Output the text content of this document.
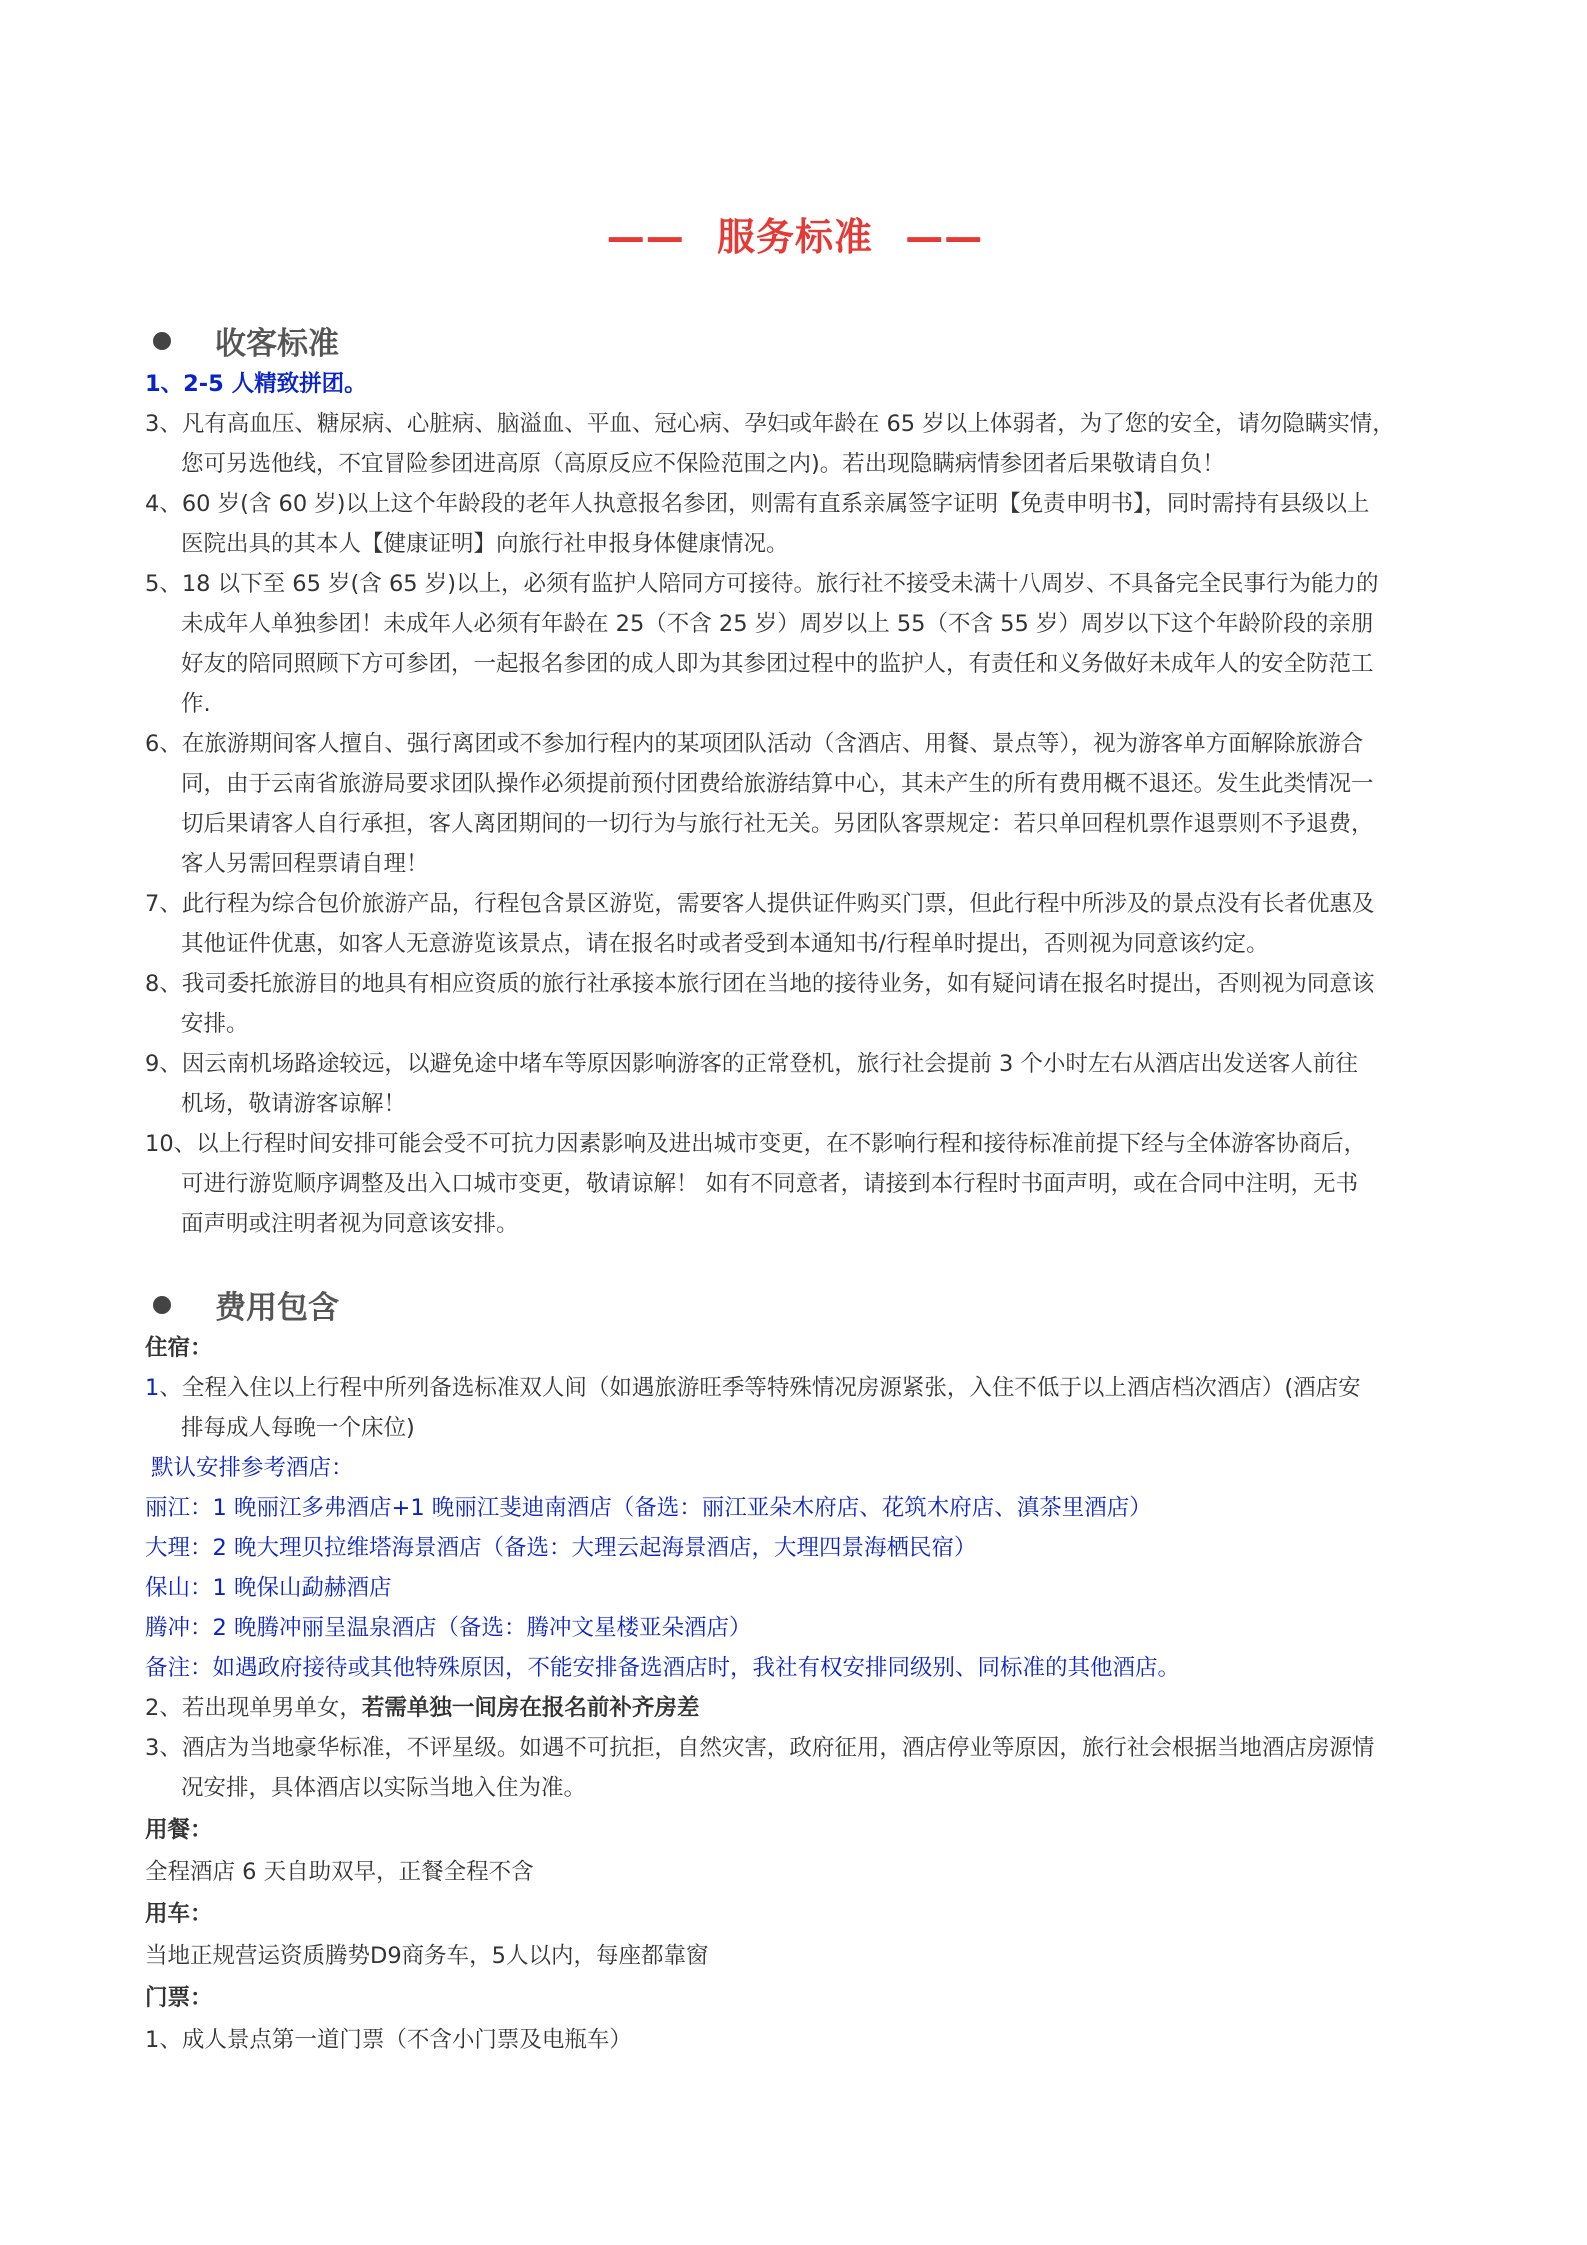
—— 服务标准 ——
收客标准
1、2-5 人精致拼团。
3、凡有高血压、糖尿病、心脏病、脑溢血、平血、冠心病、孕妇或年龄在 65 岁以上体弱者，为了您的安全，请勿隐瞒实情，
您可另选他线，不宜冒险参团进高原（高原反应不保险范围之内)。若出现隐瞒病情参团者后果敬请自负！
4、60 岁(含 60 岁)以上这个年龄段的老年人执意报名参团，则需有直系亲属签字证明【免责申明书】，同时需持有县级以上
医院出具的其本人【健康证明】向旅行社申报身体健康情况。
5、18 以下至 65 岁(含 65 岁)以上，必须有监护人陪同方可接待。旅行社不接受未满十八周岁、不具备完全民事行为能力的
未成年人单独参团！未成年人必须有年龄在 25（不含 25 岁）周岁以上 55（不含 55 岁）周岁以下这个年龄阶段的亲朋
好友的陪同照顾下方可参团，一起报名参团的成人即为其参团过程中的监护人，有责任和义务做好未成年人的安全防范工
作.
6、在旅游期间客人擅自、强行离团或不参加行程内的某项团队活动（含酒店、用餐、景点等），视为游客单方面解除旅游合
同，由于云南省旅游局要求团队操作必须提前预付团费给旅游结算中心，其未产生的所有费用概不退还。发生此类情况一
切后果请客人自行承担，客人离团期间的一切行为与旅行社无关。另团队客票规定：若只单回程机票作退票则不予退费，
客人另需回程票请自理！
7、此行程为综合包价旅游产品，行程包含景区游览，需要客人提供证件购买门票，但此行程中所涉及的景点没有长者优惠及
其他证件优惠，如客人无意游览该景点，请在报名时或者受到本通知书/行程单时提出，否则视为同意该约定。
8、我司委托旅游目的地具有相应资质的旅行社承接本旅行团在当地的接待业务，如有疑问请在报名时提出，否则视为同意该
安排。
9、因云南机场路途较远，以避免途中堵车等原因影响游客的正常登机，旅行社会提前 3 个小时左右从酒店出发送客人前往
机场，敬请游客谅解！
10、以上行程时间安排可能会受不可抗力因素影响及进出城市变更，在不影响行程和接待标准前提下经与全体游客协商后，
可进行游览顺序调整及出入口城市变更，敬请谅解！ 如有不同意者，请接到本行程时书面声明，或在合同中注明，无书
面声明或注明者视为同意该安排。
费用包含
住宿：
1、全程入住以上行程中所列备选标准双人间（如遇旅游旺季等特殊情况房源紧张，入住不低于以上酒店档次酒店）(酒店安
排每成人每晚一个床位)
默认安排参考酒店：
丽江：1 晚丽江多弗酒店+1 晚丽江斐迪南酒店（备选：丽江亚朵木府店、花筑木府店、滇茶里酒店）
大理：2 晚大理贝拉维塔海景酒店（备选：大理云起海景酒店，大理四景海栖民宿）
保山：1 晚保山勐赫酒店
腾冲：2 晚腾冲丽呈温泉酒店（备选：腾冲文星楼亚朵酒店）
备注：如遇政府接待或其他特殊原因，不能安排备选酒店时，我社有权安排同级别、同标准的其他酒店。
2、若出现单男单女，若需单独一间房在报名前补齐房差
3、酒店为当地豪华标准，不评星级。如遇不可抗拒，自然灾害，政府征用，酒店停业等原因，旅行社会根据当地酒店房源情
况安排，具体酒店以实际当地入住为准。
用餐：
全程酒店 6 天自助双早，正餐全程不含
用车：
当地正规营运资质腾势D9商务车，5人以内，每座都靠窗
门票：
1、成人景点第一道门票（不含小门票及电瓶车）
